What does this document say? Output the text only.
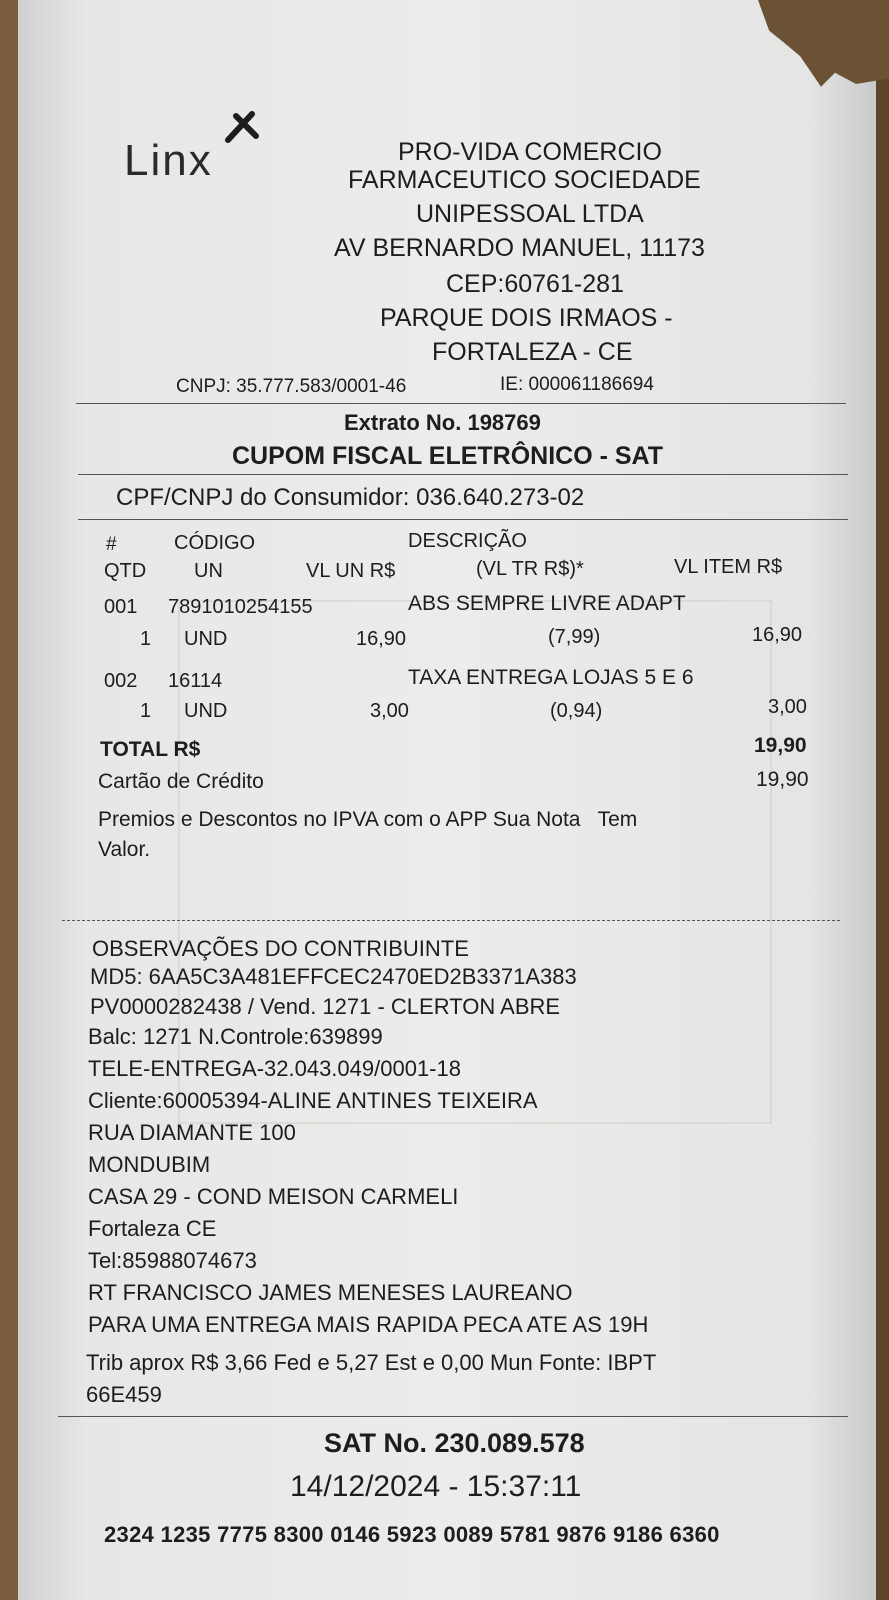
Linx	PRO-VIDA COMERCIO
FARMACEUTICO SOCIEDADE
UNIPESSOAL LTDA
AV BERNARDO MANUEL, 11173
CEP:60761-281
PARQUE DOIS IRMAOS -
FORTALEZA - CE
CNPJ: 35.777.583/0001-46	IE: 000061186694
Extrato No. 198769
CUPOM FISCAL ELETRÔNICO - SAT
CPF/CNPJ do Consumidor: 036.640.273-02
#	CÓDIGO	DESCRIÇÃO
QTD UN	VL UN R$	(VL TR R$)*	VL ITEM R$
001 7891010254155	ABS SEMPRE LIVRE ADAPT
1 UND	16,90	(7,99)	16,90
002 16114	TAXA ENTREGA LOJAS 5 E 6
1 UND	3,00	(0,94)	3,00
TOTAL R$	19,90
Cartão de Crédito	19,90
Premios e Descontos no IPVA com o APP Sua Nota   Tem
Valor.
OBSERVAÇÕES DO CONTRIBUINTE
MD5: 6AA5C3A481EFFCEC2470ED2B3371A383
PV0000282438 / Vend. 1271 - CLERTON ABRE
Balc: 1271 N.Controle:639899
TELE-ENTREGA-32.043.049/0001-18
Cliente:60005394-ALINE ANTINES TEIXEIRA
RUA DIAMANTE 100
MONDUBIM
CASA 29 - COND MEISON CARMELI
Fortaleza CE
Tel:85988074673
RT FRANCISCO JAMES MENESES LAUREANO
PARA UMA ENTREGA MAIS RAPIDA PECA ATE AS 19H
Trib aprox R$ 3,66 Fed e 5,27 Est e 0,00 Mun Fonte: IBPT
66E459
SAT No. 230.089.578
14/12/2024 - 15:37:11
2324 1235 7775 8300 0146 5923 0089 5781 9876 9186 6360
